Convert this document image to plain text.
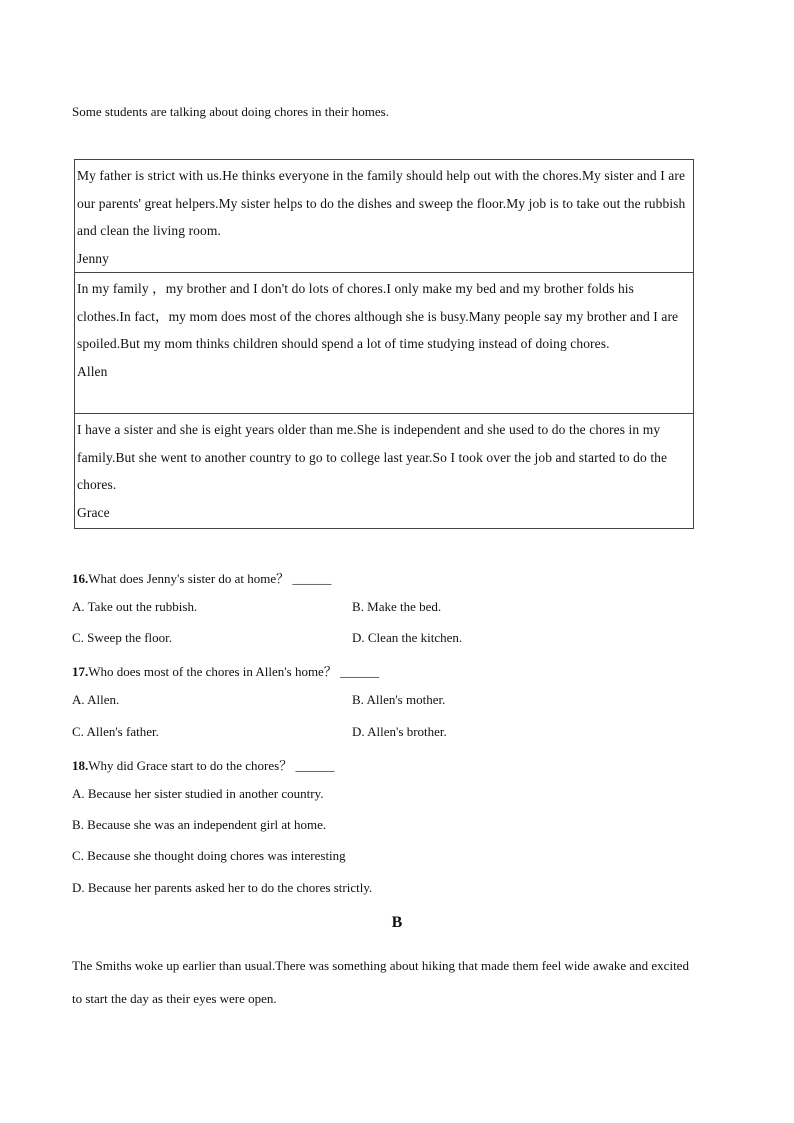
Some students are talking about doing chores in their homes.
My father is strict with us.He thinks everyone in the family should help out with the chores.My sister and I are our parents' great helpers.My sister helps to do the dishes and sweep the floor.My job is to take out the rubbish and clean the living room.
Jenny
In my family ，my brother and I don't do lots of chores.I only make my bed and my brother folds his clothes.In fact，my mom does most of the chores although she is busy.Many people say my brother and I are spoiled.But my mom thinks children should spend a lot of time studying instead of doing chores.
Allen
I have a sister and she is eight years older than me.She is independent and she used to do the chores in my family.But she went to another country to go to college last year.So I took over the job and started to do the chores.
Grace
16.What does Jenny's sister do at home？ ______
A. Take out the rubbish.	B. Make the bed.
C. Sweep the floor.	D. Clean the kitchen.
17.Who does most of the chores in Allen's home？ ______
A. Allen.	B. Allen's mother.
C. Allen's father.	D. Allen's brother.
18.Why did Grace start to do the chores？ ______
A. Because her sister studied in another country.
B. Because she was an independent girl at home.
C. Because she thought doing chores was interesting
D. Because her parents asked her to do the chores strictly.
B
The Smiths woke up earlier than usual.There was something about hiking that made them feel wide awake and excited to start the day as their eyes were open.
